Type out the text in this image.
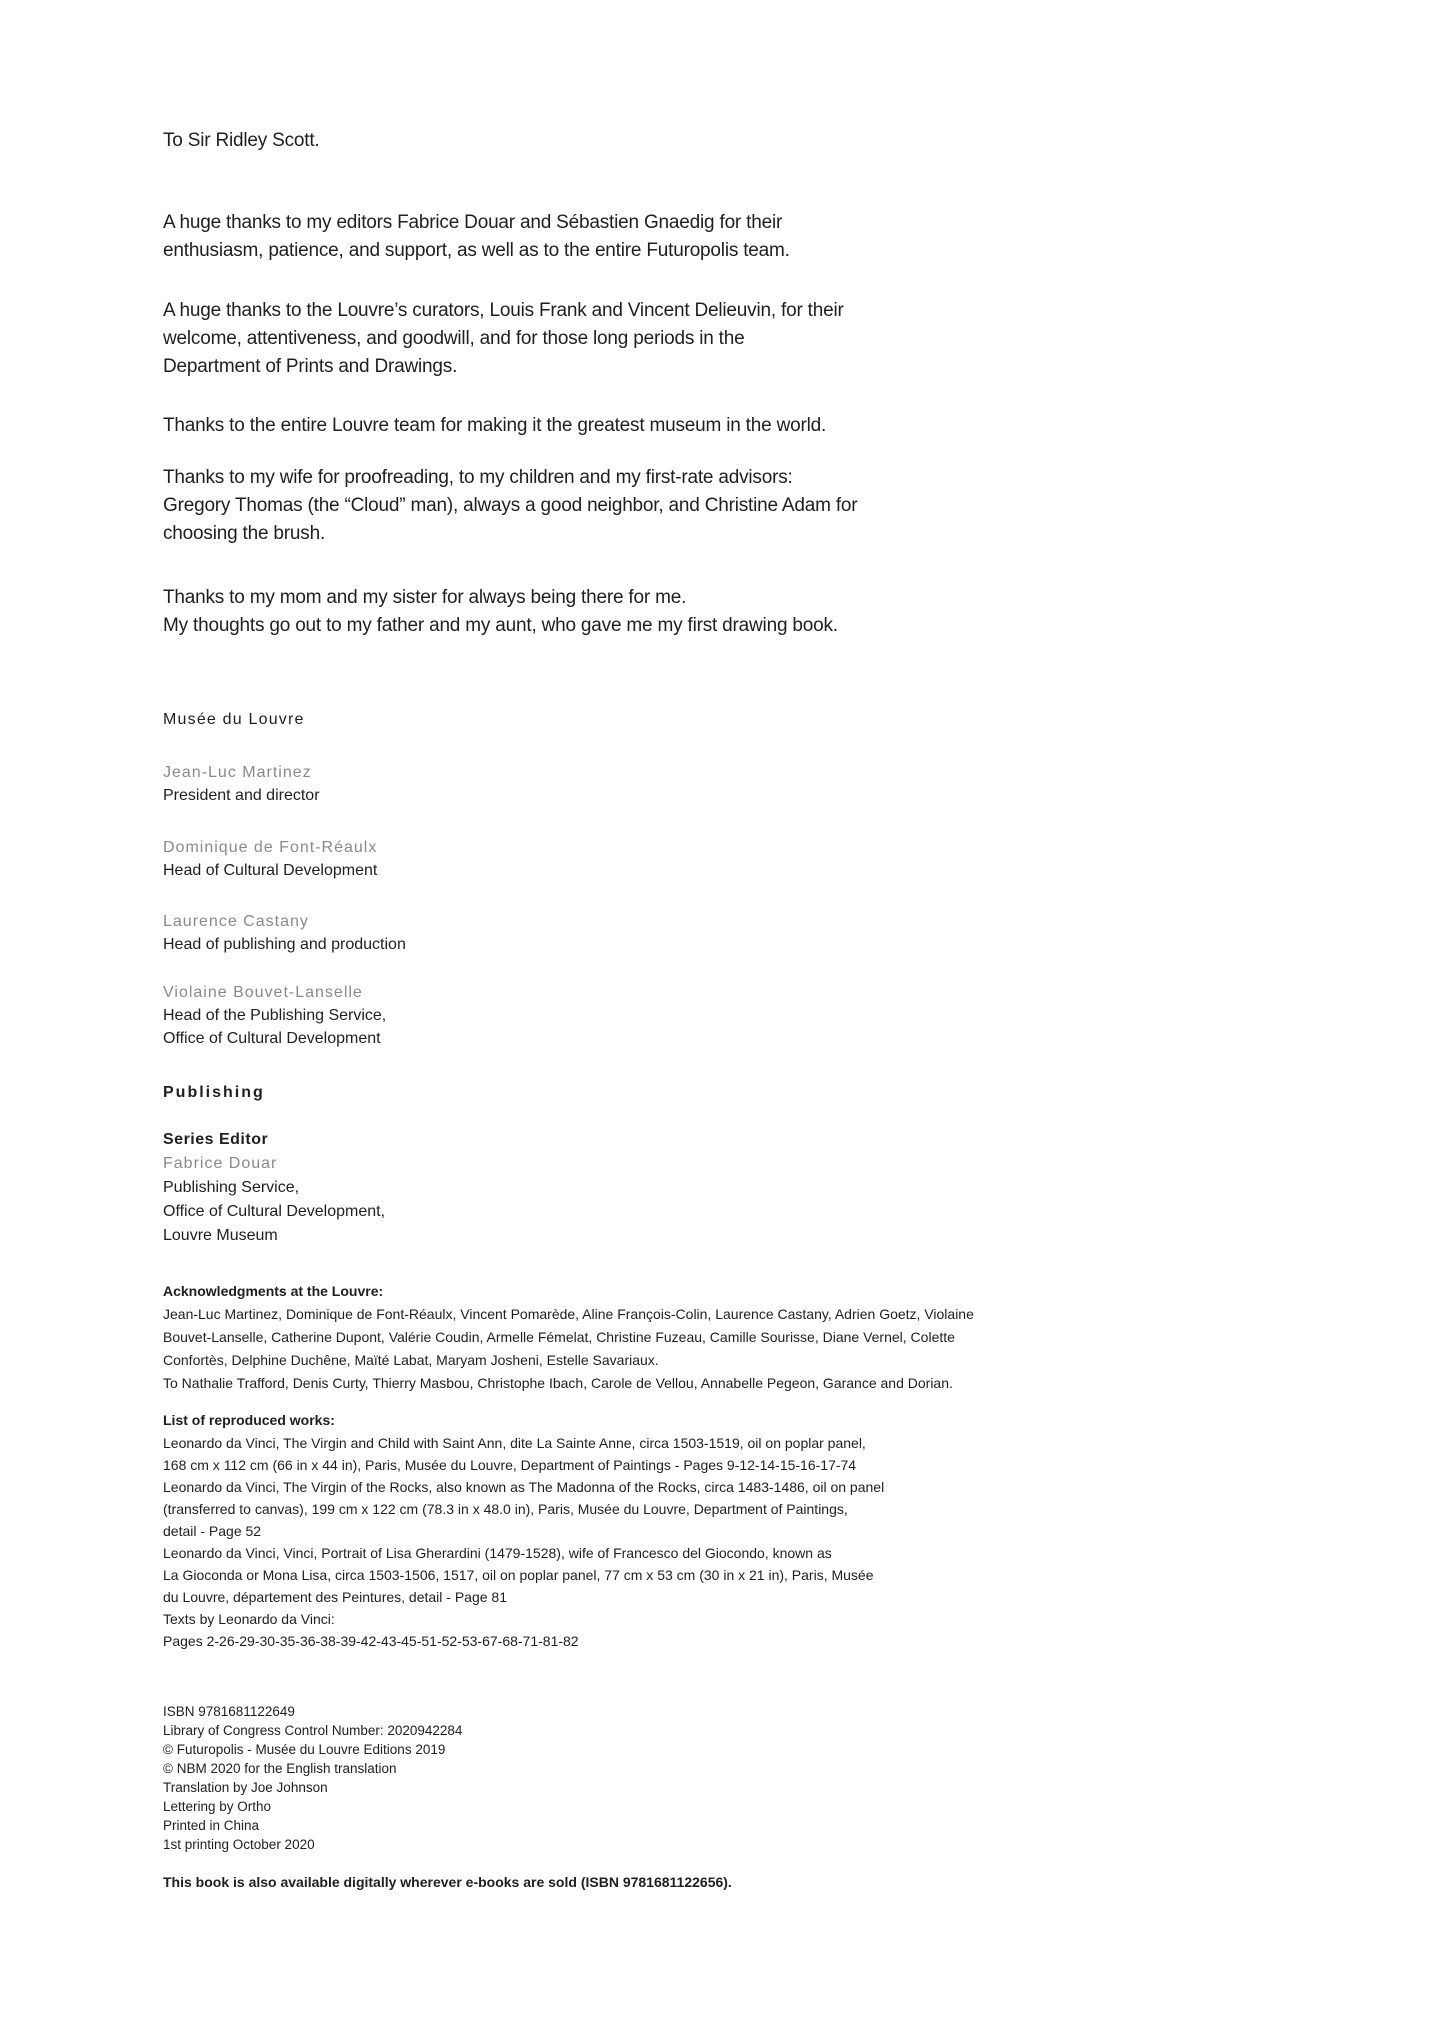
To Sir Ridley Scott.
A huge thanks to my editors Fabrice Douar and Sébastien Gnaedig for their
enthusiasm, patience, and support, as well as to the entire Futuropolis team.
A huge thanks to the Louvre’s curators, Louis Frank and Vincent Delieuvin, for their
welcome, attentiveness, and goodwill, and for those long periods in the
Department of Prints and Drawings.
Thanks to the entire Louvre team for making it the greatest museum in the world.
Thanks to my wife for proofreading, to my children and my first-rate advisors:
Gregory Thomas (the “Cloud” man), always a good neighbor, and Christine Adam for
choosing the brush.
Thanks to my mom and my sister for always being there for me.
My thoughts go out to my father and my aunt, who gave me my first drawing book.
Musée du Louvre
Jean-Luc Martinez
President and director
Dominique de Font-Réaulx
Head of Cultural Development
Laurence Castany
Head of publishing and production
Violaine Bouvet-Lanselle
Head of the Publishing Service,
Office of Cultural Development
Publishing
Series Editor
Fabrice Douar
Publishing Service,
Office of Cultural Development,
Louvre Museum
Acknowledgments at the Louvre:
Jean-Luc Martinez, Dominique de Font-Réaulx, Vincent Pomarède, Aline François-Colin, Laurence Castany, Adrien Goetz, Violaine
Bouvet-Lanselle, Catherine Dupont, Valérie Coudin, Armelle Fémelat, Christine Fuzeau, Camille Sourisse, Diane Vernel, Colette
Confortès, Delphine Duchêne, Maïté Labat, Maryam Josheni, Estelle Savariaux.
To Nathalie Trafford, Denis Curty, Thierry Masbou, Christophe Ibach, Carole de Vellou, Annabelle Pegeon, Garance and Dorian.
List of reproduced works:
Leonardo da Vinci, The Virgin and Child with Saint Ann, dite La Sainte Anne, circa 1503-1519, oil on poplar panel,
168 cm x 112 cm (66 in x 44 in), Paris, Musée du Louvre, Department of Paintings - Pages 9-12-14-15-16-17-74
Leonardo da Vinci, The Virgin of the Rocks, also known as The Madonna of the Rocks, circa 1483-1486, oil on panel
(transferred to canvas), 199 cm x 122 cm (78.3 in x 48.0 in), Paris, Musée du Louvre, Department of Paintings,
detail - Page 52
Leonardo da Vinci, Vinci, Portrait of Lisa Gherardini (1479-1528), wife of Francesco del Giocondo, known as
La Gioconda or Mona Lisa, circa 1503-1506, 1517, oil on poplar panel, 77 cm x 53 cm (30 in x 21 in), Paris, Musée
du Louvre, département des Peintures, detail - Page 81
Texts by Leonardo da Vinci:
Pages 2-26-29-30-35-36-38-39-42-43-45-51-52-53-67-68-71-81-82
ISBN 9781681122649
Library of Congress Control Number: 2020942284
© Futuropolis - Musée du Louvre Editions 2019
© NBM 2020 for the English translation
Translation by Joe Johnson
Lettering by Ortho
Printed in China
1st printing October 2020
This book is also available digitally wherever e-books are sold (ISBN 9781681122656).
